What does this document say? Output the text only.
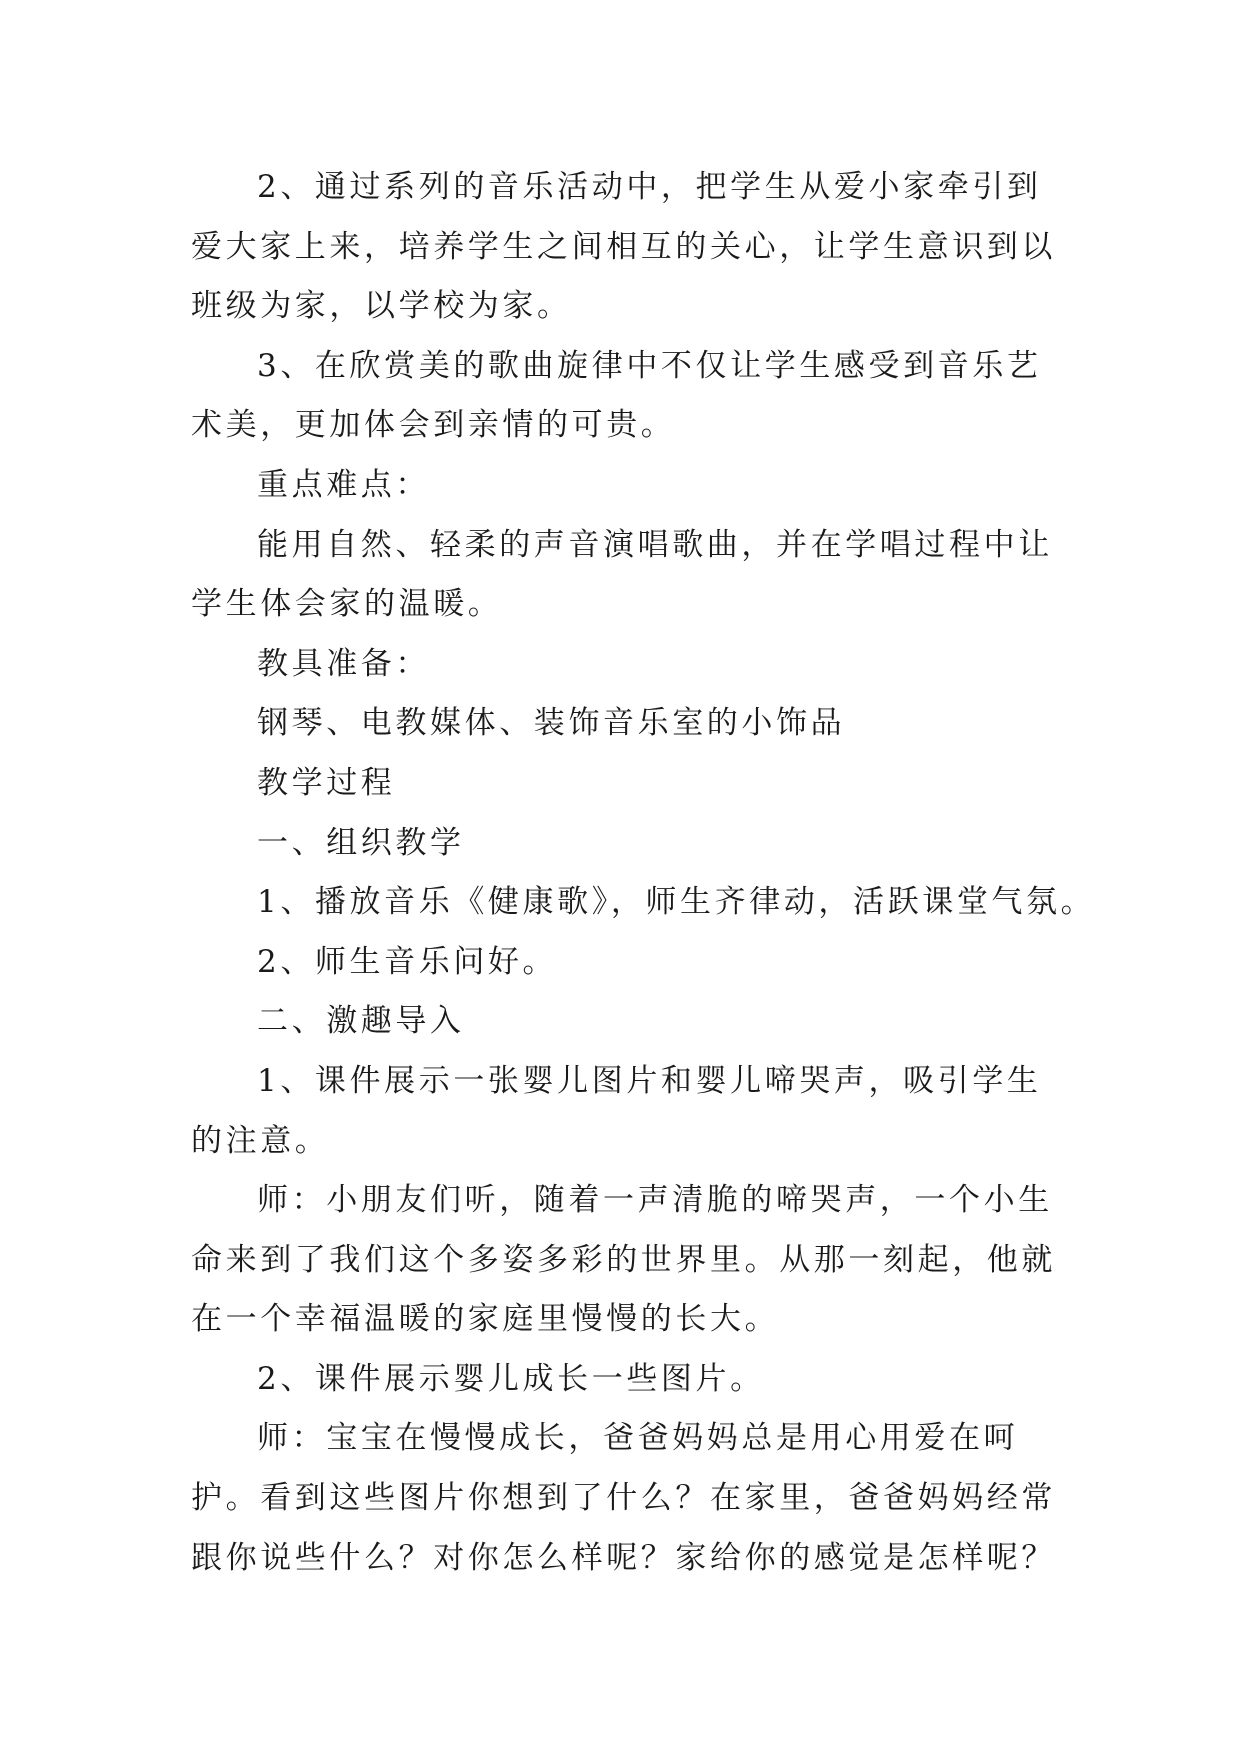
2、通过系列的音乐活动中，把学生从爱小家牵引到爱大家上来，培养学生之间相互的关心，让学生意识到以班级为家，以学校为家。

3、在欣赏美的歌曲旋律中不仅让学生感受到音乐艺术美，更加体会到亲情的可贵。

重点难点：

能用自然、轻柔的声音演唱歌曲，并在学唱过程中让学生体会家的温暖。

教具准备：

钢琴、电教媒体、装饰音乐室的小饰品

教学过程

一、组织教学

1、播放音乐《健康歌》，师生齐律动，活跃课堂气氛。

2、师生音乐问好。

二、激趣导入

1、课件展示一张婴儿图片和婴儿啼哭声，吸引学生的注意。

师：小朋友们听，随着一声清脆的啼哭声，一个小生命来到了我们这个多姿多彩的世界里。从那一刻起，他就在一个幸福温暖的家庭里慢慢的长大。

2、课件展示婴儿成长一些图片。

师：宝宝在慢慢成长，爸爸妈妈总是用心用爱在呵护。看到这些图片你想到了什么？在家里，爸爸妈妈经常跟你说些什么？对你怎么样呢？家给你的感觉是怎样呢？
